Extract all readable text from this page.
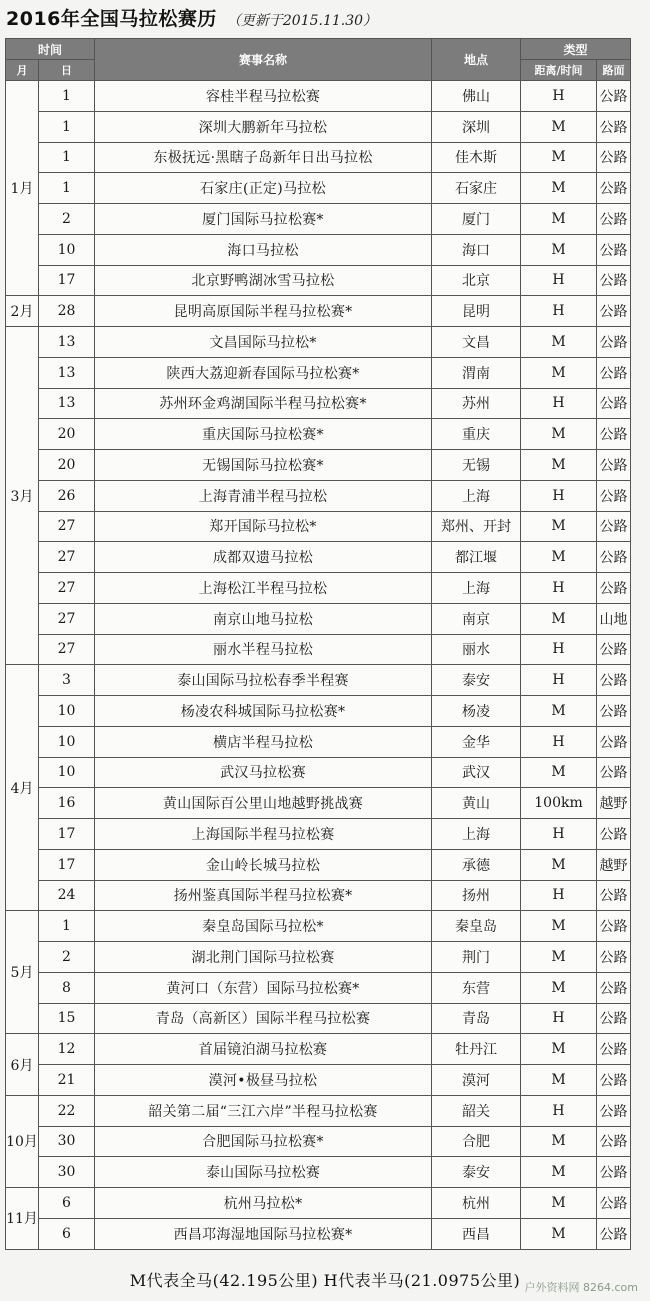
2016年全国马拉松赛历 （更新于2015.11.30）
时间		赛事名称	地点	类型	
月	日			距离/时间	路面
1月	1	容桂半程马拉松赛	佛山	H	公路
	1	深圳大鹏新年马拉松	深圳	M	公路
	1	东极抚远·黑瞎子岛新年日出马拉松	佳木斯	M	公路
	1	石家庄(正定)马拉松	石家庄	M	公路
	2	厦门国际马拉松赛*	厦门	M	公路
	10	海口马拉松	海口	M	公路
	17	北京野鸭湖冰雪马拉松	北京	H	公路
2月	28	昆明高原国际半程马拉松赛*	昆明	H	公路
3月	13	文昌国际马拉松*	文昌	M	公路
	13	陕西大荔迎新春国际马拉松赛*	渭南	M	公路
	13	苏州环金鸡湖国际半程马拉松赛*	苏州	H	公路
	20	重庆国际马拉松赛*	重庆	M	公路
	20	无锡国际马拉松赛*	无锡	M	公路
	26	上海青浦半程马拉松	上海	H	公路
	27	郑开国际马拉松*	郑州、开封	M	公路
	27	成都双遗马拉松	都江堰	M	公路
	27	上海松江半程马拉松	上海	H	公路
	27	南京山地马拉松	南京	M	山地
	27	丽水半程马拉松	丽水	H	公路
4月	3	泰山国际马拉松春季半程赛	泰安	H	公路
	10	杨凌农科城国际马拉松赛*	杨凌	M	公路
	10	横店半程马拉松	金华	H	公路
	10	武汉马拉松赛	武汉	M	公路
	16	黄山国际百公里山地越野挑战赛	黄山	100km	越野
	17	上海国际半程马拉松赛	上海	H	公路
	17	金山岭长城马拉松	承德	M	越野
	24	扬州鉴真国际半程马拉松赛*	扬州	H	公路
5月	1	秦皇岛国际马拉松*	秦皇岛	M	公路
	2	湖北荆门国际马拉松赛	荆门	M	公路
	8	黄河口（东营）国际马拉松赛*	东营	M	公路
	15	青岛（高新区）国际半程马拉松赛	青岛	H	公路
6月	12	首届镜泊湖马拉松赛	牡丹江	M	公路
	21	漠河•极昼马拉松	漠河	M	公路
10月	22	韶关第二届“三江六岸”半程马拉松赛	韶关	H	公路
	30	合肥国际马拉松赛*	合肥	M	公路
	30	泰山国际马拉松赛	泰安	M	公路
11月	6	杭州马拉松*	杭州	M	公路
	6	西昌邛海湿地国际马拉松赛*	西昌	M	公路
M代表全马(42.195公里) H代表半马(21.0975公里) 户外资料网 8264.com
